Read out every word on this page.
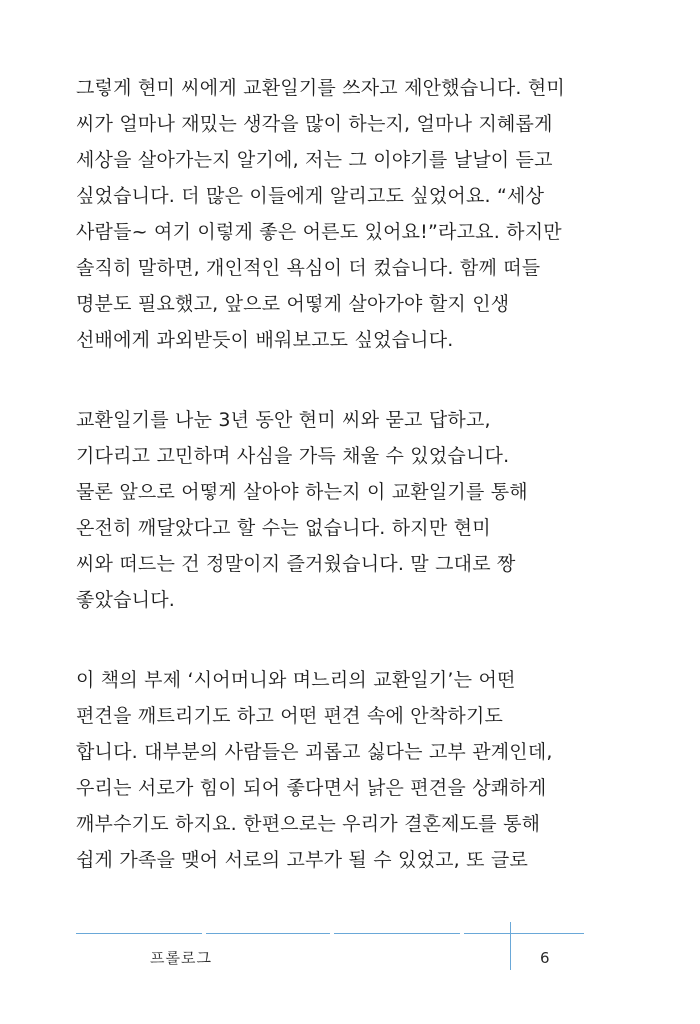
그렇게 현미 씨에게 교환일기를 쓰자고 제안했습니다. 현미
씨가 얼마나 재밌는 생각을 많이 하는지, 얼마나 지혜롭게
세상을 살아가는지 알기에, 저는 그 이야기를 날날이 듣고
싶었습니다. 더 많은 이들에게 알리고도 싶었어요. “세상
사람들~ 여기 이렇게 좋은 어른도 있어요!”라고요. 하지만
솔직히 말하면, 개인적인 욕심이 더 컸습니다. 함께 떠들
명분도 필요했고, 앞으로 어떻게 살아가야 할지 인생
선배에게 과외받듯이 배워보고도 싶었습니다.

교환일기를 나눈 3년 동안 현미 씨와 묻고 답하고,
기다리고 고민하며 사심을 가득 채울 수 있었습니다.
물론 앞으로 어떻게 살아야 하는지 이 교환일기를 통해
온전히 깨달았다고 할 수는 없습니다. 하지만 현미
씨와 떠드는 건 정말이지 즐거웠습니다. 말 그대로 짱
좋았습니다.

이 책의 부제 ‘시어머니와 며느리의 교환일기’는 어떤
편견을 깨트리기도 하고 어떤 편견 속에 안착하기도
합니다. 대부분의 사람들은 괴롭고 싫다는 고부 관계인데,
우리는 서로가 힘이 되어 좋다면서 낡은 편견을 상쾌하게
깨부수기도 하지요. 한편으로는 우리가 결혼제도를 통해
쉽게 가족을 맺어 서로의 고부가 될 수 있었고, 또 글로

프롤로그	6
